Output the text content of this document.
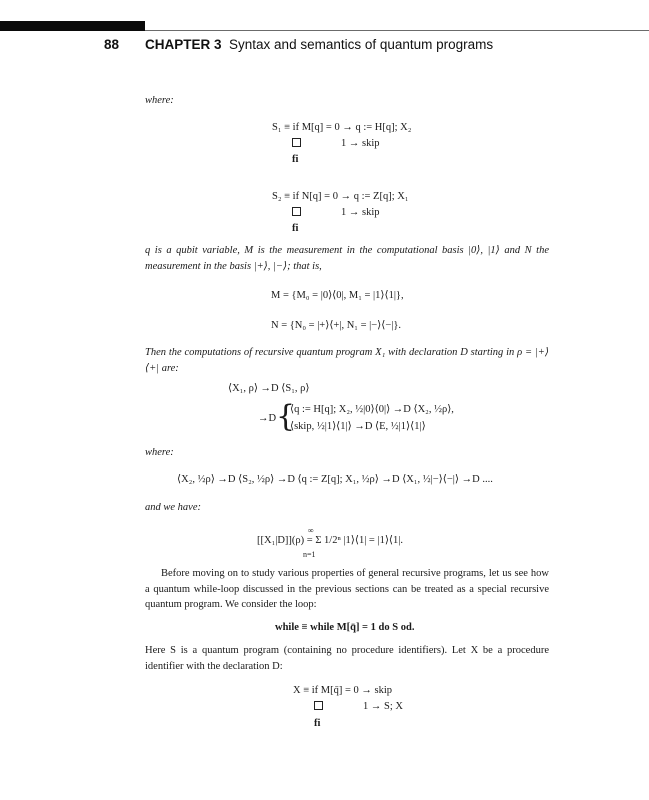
88 CHAPTER 3 Syntax and semantics of quantum programs
where:
S₁ ≡ if M[q] = 0 → q := H[q]; X₂
1 → skip
fi
S₂ ≡ if N[q] = 0 → q := Z[q]; X₁
1 → skip
fi
q is a qubit variable, M is the measurement in the computational basis |0⟩, |1⟩ and N the measurement in the basis |+⟩, |−⟩; that is,
M = {M₀ = |0⟩⟨0|, M₁ = |1⟩⟨1|},
N = {N₀ = |+⟩⟨+|, N₁ = |−⟩⟨−|}.
Then the computations of recursive quantum program X₁ with declaration D starting in ρ = |+⟩⟨+| are:
⟨X₁, ρ⟩ →D ⟨S₁, ρ⟩
→D {
⟨q := H[q]; X₂, ½|0⟩⟨0|⟩ →D ⟨X₂, ½ρ⟩,
⟨skip, ½|1⟩⟨1|⟩ →D ⟨E, ½|1⟩⟨1|⟩
where:
⟨X₂, ½ρ⟩ →D ⟨S₂, ½ρ⟩ →D ⟨q := Z[q]; X₁, ½ρ⟩ →D ⟨X₁, ½|−⟩⟨−|⟩ →D ....
and we have:
∞
[[X₁|D]](ρ) = Σ 1/2ⁿ |1⟩⟨1| = |1⟩⟨1|.
n=1
Before moving on to study various properties of general recursive programs, let us see how a quantum while-loop discussed in the previous sections can be treated as a special recursive quantum program. We consider the loop:
while ≡ while M[q̄] = 1 do S od.
Here S is a quantum program (containing no procedure identifiers). Let X be a procedure identifier with the declaration D:
X ≡ if M[q̄] = 0 → skip
1 → S; X
fi
